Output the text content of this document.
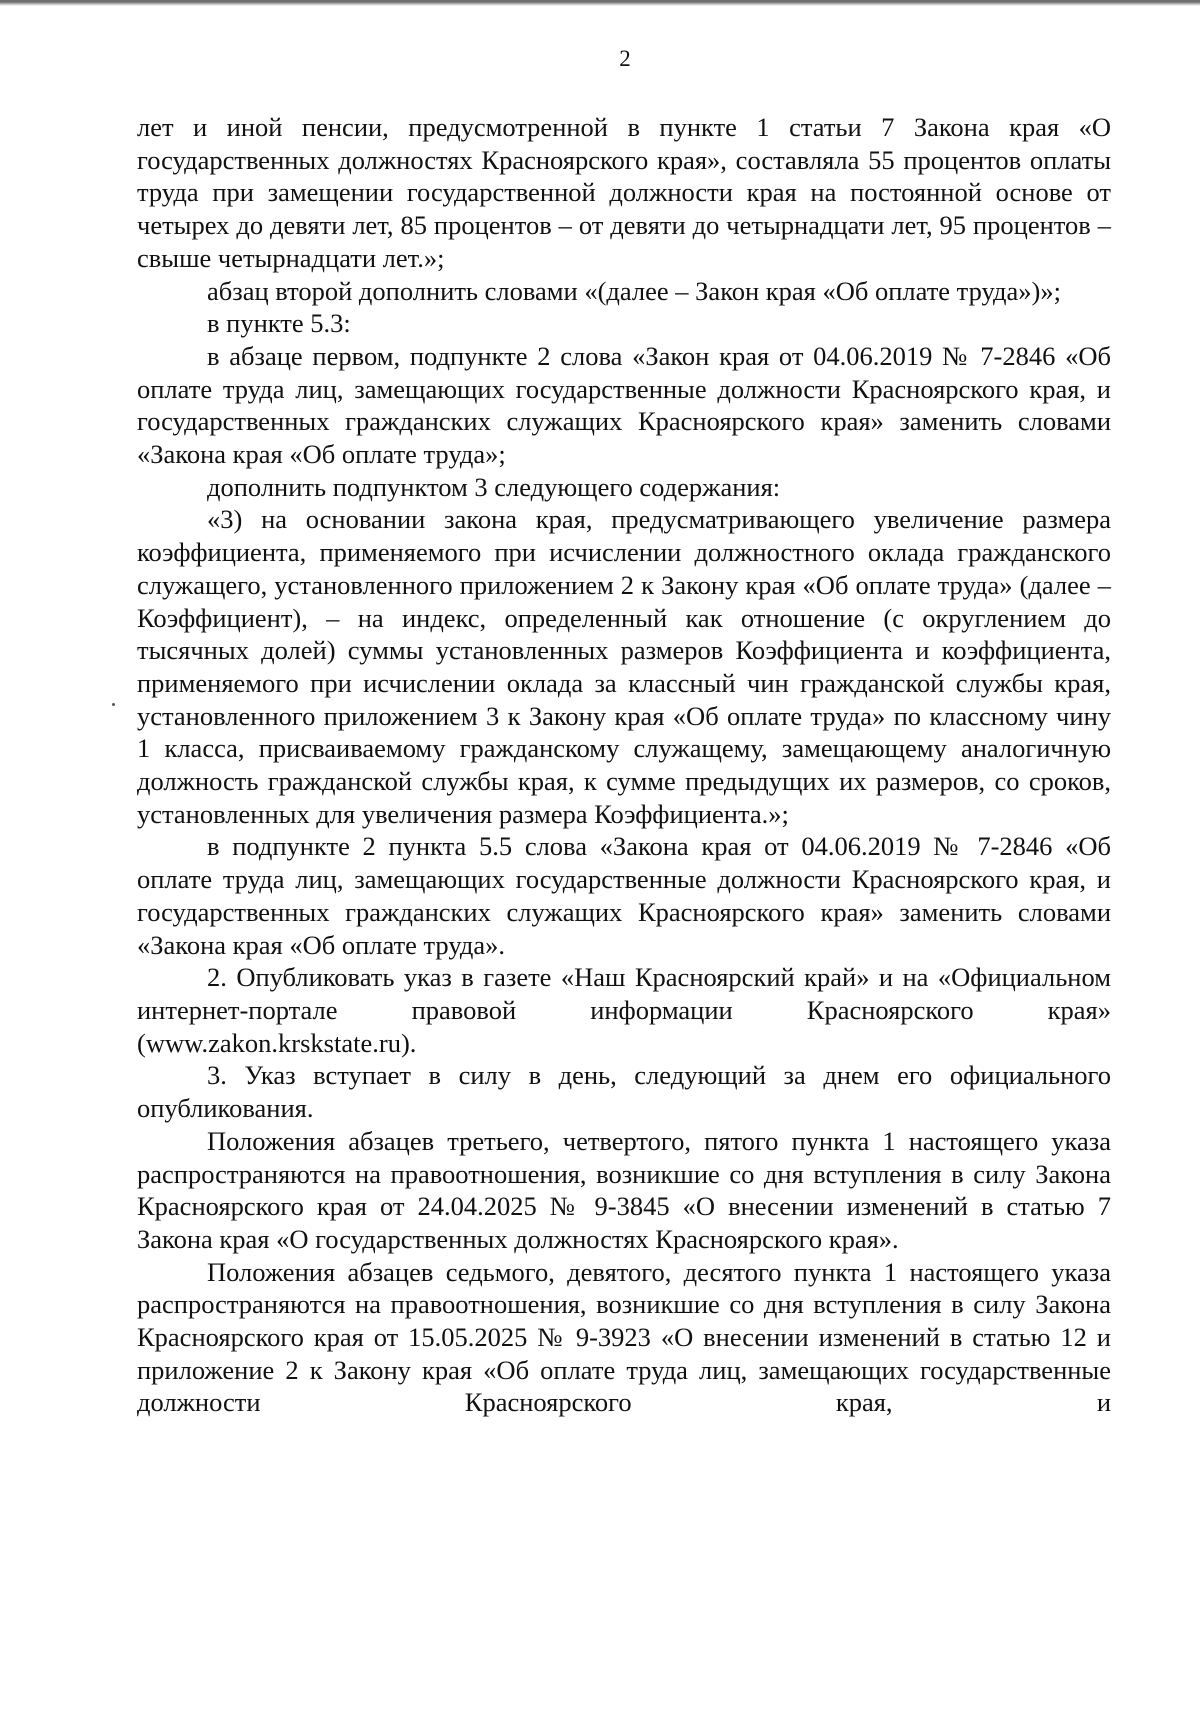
2

лет и иной пенсии, предусмотренной в пункте 1 статьи 7 Закона края «О государственных должностях Красноярского края», составляла 55 процентов оплаты труда при замещении государственной должности края на постоянной основе от четырех до девяти лет, 85 процентов – от девяти до четырнадцати лет, 95 процентов – свыше четырнадцати лет.»;

абзац второй дополнить словами «(далее – Закон края «Об оплате труда»)»;

в пункте 5.3:

в абзаце первом, подпункте 2 слова «Закон края от 04.06.2019 № 7-2846 «Об оплате труда лиц, замещающих государственные должности Красноярского края, и государственных гражданских служащих Красноярского края» заменить словами «Закона края «Об оплате труда»;

дополнить подпунктом 3 следующего содержания:

«3) на основании закона края, предусматривающего увеличение размера коэффициента, применяемого при исчислении должностного оклада гражданского служащего, установленного приложением 2 к Закону края «Об оплате труда» (далее – Коэффициент), – на индекс, определенный как отношение (с округлением до тысячных долей) суммы установленных размеров Коэффициента и коэффициента, применяемого при исчислении оклада за классный чин гражданской службы края, установленного приложением 3 к Закону края «Об оплате труда» по классному чину 1 класса, присваиваемому гражданскому служащему, замещающему аналогичную должность гражданской службы края, к сумме предыдущих их размеров, со сроков, установленных для увеличения размера Коэффициента.»;

в подпункте 2 пункта 5.5 слова «Закона края от 04.06.2019 № 7-2846 «Об оплате труда лиц, замещающих государственные должности Красноярского края, и государственных гражданских служащих Красноярского края» заменить словами «Закона края «Об оплате труда».

2. Опубликовать указ в газете «Наш Красноярский край» и на «Официальном интернет-портале правовой информации Красноярского края» (www.zakon.krskstate.ru).

3. Указ вступает в силу в день, следующий за днем его официального опубликования.

Положения абзацев третьего, четвертого, пятого пункта 1 настоящего указа распространяются на правоотношения, возникшие со дня вступления в силу Закона Красноярского края от 24.04.2025 № 9-3845 «О внесении изменений в статью 7 Закона края «О государственных должностях Красноярского края».

Положения абзацев седьмого, девятого, десятого пункта 1 настоящего указа распространяются на правоотношения, возникшие со дня вступления в силу Закона Красноярского края от 15.05.2025 № 9-3923 «О внесении изменений в статью 12 и приложение 2 к Закону края «Об оплате труда лиц, замещающих государственные должности Красноярского края, и
